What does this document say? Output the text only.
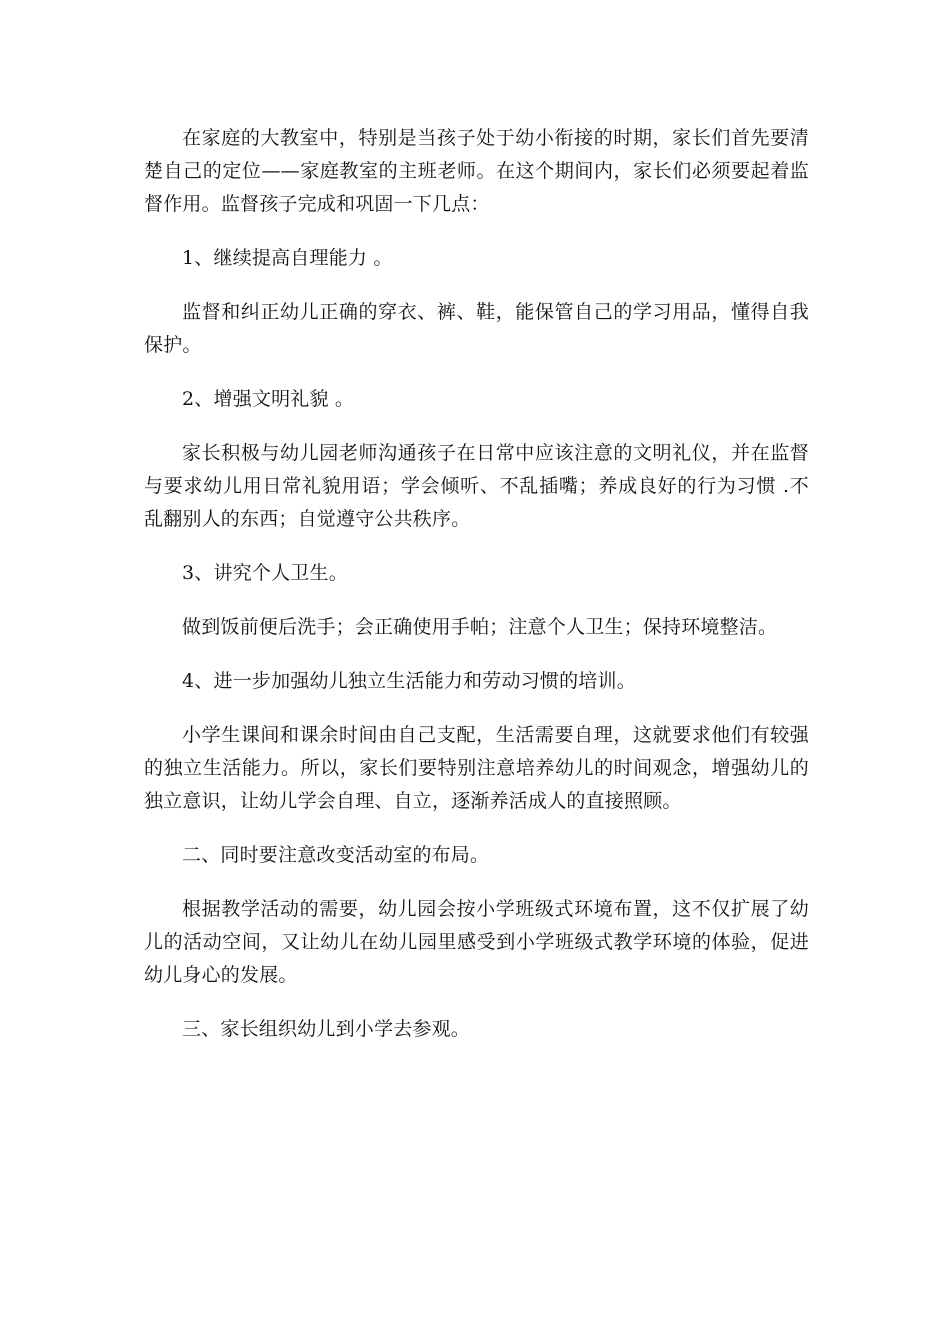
在家庭的大教室中，特别是当孩子处于幼小衔接的时期，家长们首先要清楚自己的定位——家庭教室的主班老师。在这个期间内，家长们必须要起着监督作用。监督孩子完成和巩固一下几点：

1、继续提高自理能力 。

监督和纠正幼儿正确的穿衣、裤、鞋，能保管自己的学习用品，懂得自我保护。

2、增强文明礼貌 。

家长积极与幼儿园老师沟通孩子在日常中应该注意的文明礼仪，并在监督与要求幼儿用日常礼貌用语；学会倾听、不乱插嘴；养成良好的行为习惯 .不乱翻别人的东西；自觉遵守公共秩序。

3、讲究个人卫生。

做到饭前便后洗手；会正确使用手帕；注意个人卫生；保持环境整洁。

4、进一步加强幼儿独立生活能力和劳动习惯的培训。

小学生课间和课余时间由自己支配，生活需要自理，这就要求他们有较强的独立生活能力。所以，家长们要特别注意培养幼儿的时间观念，增强幼儿的独立意识，让幼儿学会自理、自立，逐渐养活成人的直接照顾。

二、同时要注意改变活动室的布局。

根据教学活动的需要，幼儿园会按小学班级式环境布置，这不仅扩展了幼儿的活动空间，又让幼儿在幼儿园里感受到小学班级式教学环境的体验，促进幼儿身心的发展。

三、家长组织幼儿到小学去参观。
